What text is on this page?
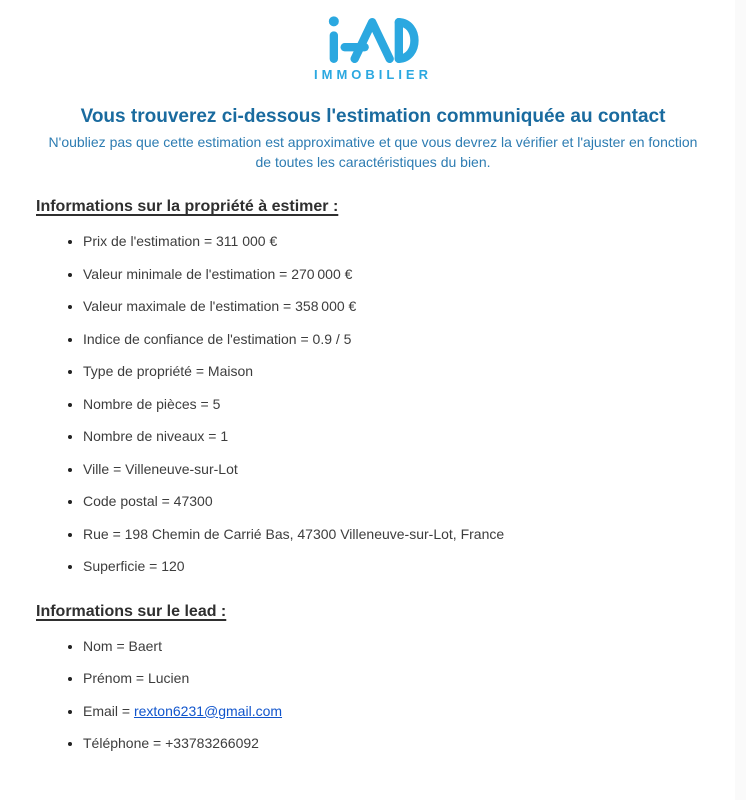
IMMOBILIER
Vous trouverez ci-dessous l'estimation communiquée au contact
N'oubliez pas que cette estimation est approximative et que vous devrez la vérifier et l'ajuster en fonction de toutes les caractéristiques du bien.
Informations sur la propriété à estimer :
• Prix de l'estimation = 311 000 €
• Valeur minimale de l'estimation = 270 000 €
• Valeur maximale de l'estimation = 358 000 €
• Indice de confiance de l'estimation = 0.9 / 5
• Type de propriété = Maison
• Nombre de pièces = 5
• Nombre de niveaux = 1
• Ville = Villeneuve-sur-Lot
• Code postal = 47300
• Rue = 198 Chemin de Carrié Bas, 47300 Villeneuve-sur-Lot, France
• Superficie = 120
Informations sur le lead :
• Nom = Baert
• Prénom = Lucien
• Email = rexton6231@gmail.com
• Téléphone = +33783266092
